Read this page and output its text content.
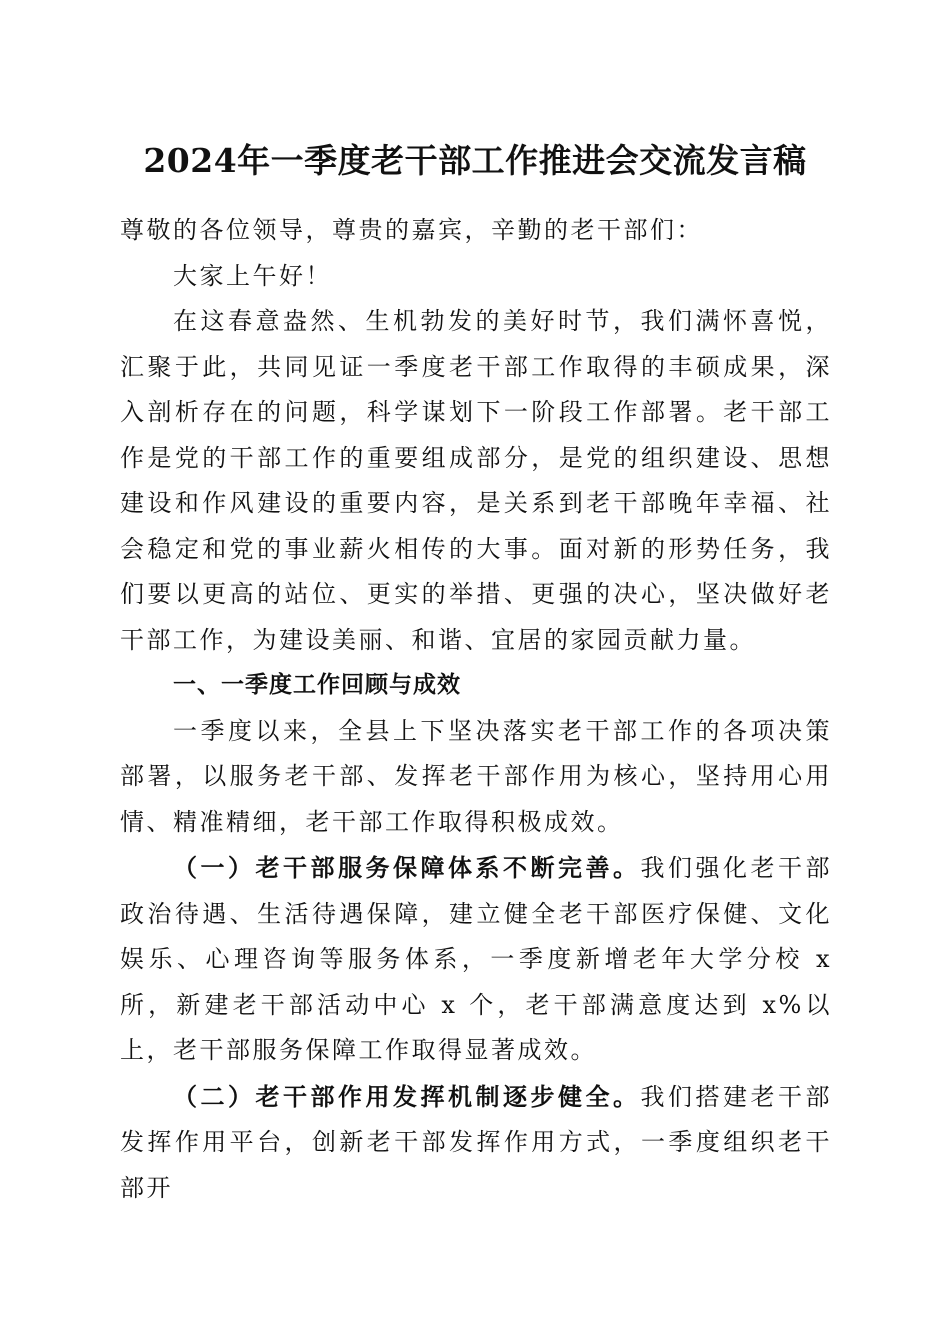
2024年一季度老干部工作推进会交流发言稿

尊敬的各位领导，尊贵的嘉宾，辛勤的老干部们：

大家上午好！

在这春意盎然、生机勃发的美好时节，我们满怀喜悦，汇聚于此，共同见证一季度老干部工作取得的丰硕成果，深入剖析存在的问题，科学谋划下一阶段工作部署。老干部工作是党的干部工作的重要组成部分，是党的组织建设、思想建设和作风建设的重要内容，是关系到老干部晚年幸福、社会稳定和党的事业薪火相传的大事。面对新的形势任务，我们要以更高的站位、更实的举措、更强的决心，坚决做好老干部工作，为建设美丽、和谐、宜居的家园贡献力量。

一、一季度工作回顾与成效

一季度以来，全县上下坚决落实老干部工作的各项决策部署，以服务老干部、发挥老干部作用为核心，坚持用心用情、精准精细，老干部工作取得积极成效。

（一）老干部服务保障体系不断完善。我们强化老干部政治待遇、生活待遇保障，建立健全老干部医疗保健、文化娱乐、心理咨询等服务体系，一季度新增老年大学分校 x 所，新建老干部活动中心 x 个，老干部满意度达到 x%以上，老干部服务保障工作取得显著成效。

（二）老干部作用发挥机制逐步健全。我们搭建老干部发挥作用平台，创新老干部发挥作用方式，一季度组织老干部开
